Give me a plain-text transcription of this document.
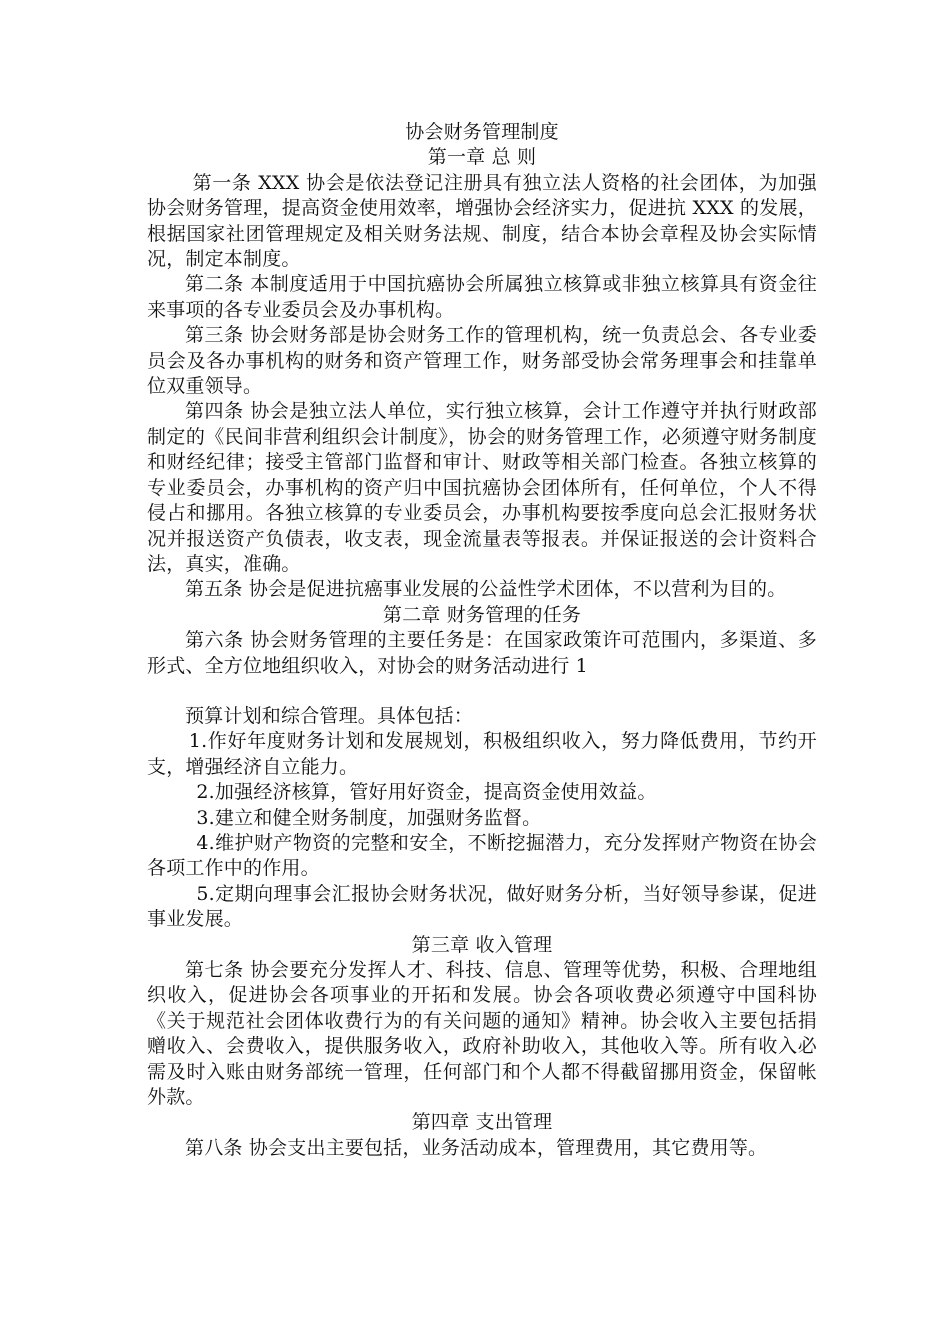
协会财务管理制度

第一章 总 则

第一条 XXX 协会是依法登记注册具有独立法人资格的社会团体，为加强协会财务管理，提高资金使用效率，增强协会经济实力，促进抗 XXX 的发展，根据国家社团管理规定及相关财务法规、制度，结合本协会章程及协会实际情况，制定本制度。

第二条 本制度适用于中国抗癌协会所属独立核算或非独立核算具有资金往来事项的各专业委员会及办事机构。

第三条 协会财务部是协会财务工作的管理机构，统一负责总会、各专业委员会及各办事机构的财务和资产管理工作，财务部受协会常务理事会和挂靠单位双重领导。

第四条 协会是独立法人单位，实行独立核算，会计工作遵守并执行财政部制定的《民间非营利组织会计制度》，协会的财务管理工作，必须遵守财务制度和财经纪律；接受主管部门监督和审计、财政等相关部门检查。各独立核算的专业委员会，办事机构的资产归中国抗癌协会团体所有，任何单位，个人不得侵占和挪用。各独立核算的专业委员会，办事机构要按季度向总会汇报财务状况并报送资产负债表，收支表，现金流量表等报表。并保证报送的会计资料合法，真实，准确。

第五条 协会是促进抗癌事业发展的公益性学术团体，不以营利为目的。

第二章 财务管理的任务

第六条 协会财务管理的主要任务是：在国家政策许可范围内，多渠道、多形式、全方位地组织收入，对协会的财务活动进行 1

预算计划和综合管理。具体包括：

1.作好年度财务计划和发展规划，积极组织收入，努力降低费用，节约开支，增强经济自立能力。

2.加强经济核算，管好用好资金，提高资金使用效益。

3.建立和健全财务制度，加强财务监督。

4.维护财产物资的完整和安全，不断挖掘潜力，充分发挥财产物资在协会各项工作中的作用。

5.定期向理事会汇报协会财务状况，做好财务分析，当好领导参谋，促进事业发展。

第三章 收入管理

第七条 协会要充分发挥人才、科技、信息、管理等优势，积极、合理地组织收入，促进协会各项事业的开拓和发展。协会各项收费必须遵守中国科协《关于规范社会团体收费行为的有关问题的通知》精神。协会收入主要包括捐赠收入、会费收入，提供服务收入，政府补助收入，其他收入等。所有收入必需及时入账由财务部统一管理，任何部门和个人都不得截留挪用资金，保留帐外款。

第四章 支出管理

第八条 协会支出主要包括，业务活动成本，管理费用，其它费用等。
